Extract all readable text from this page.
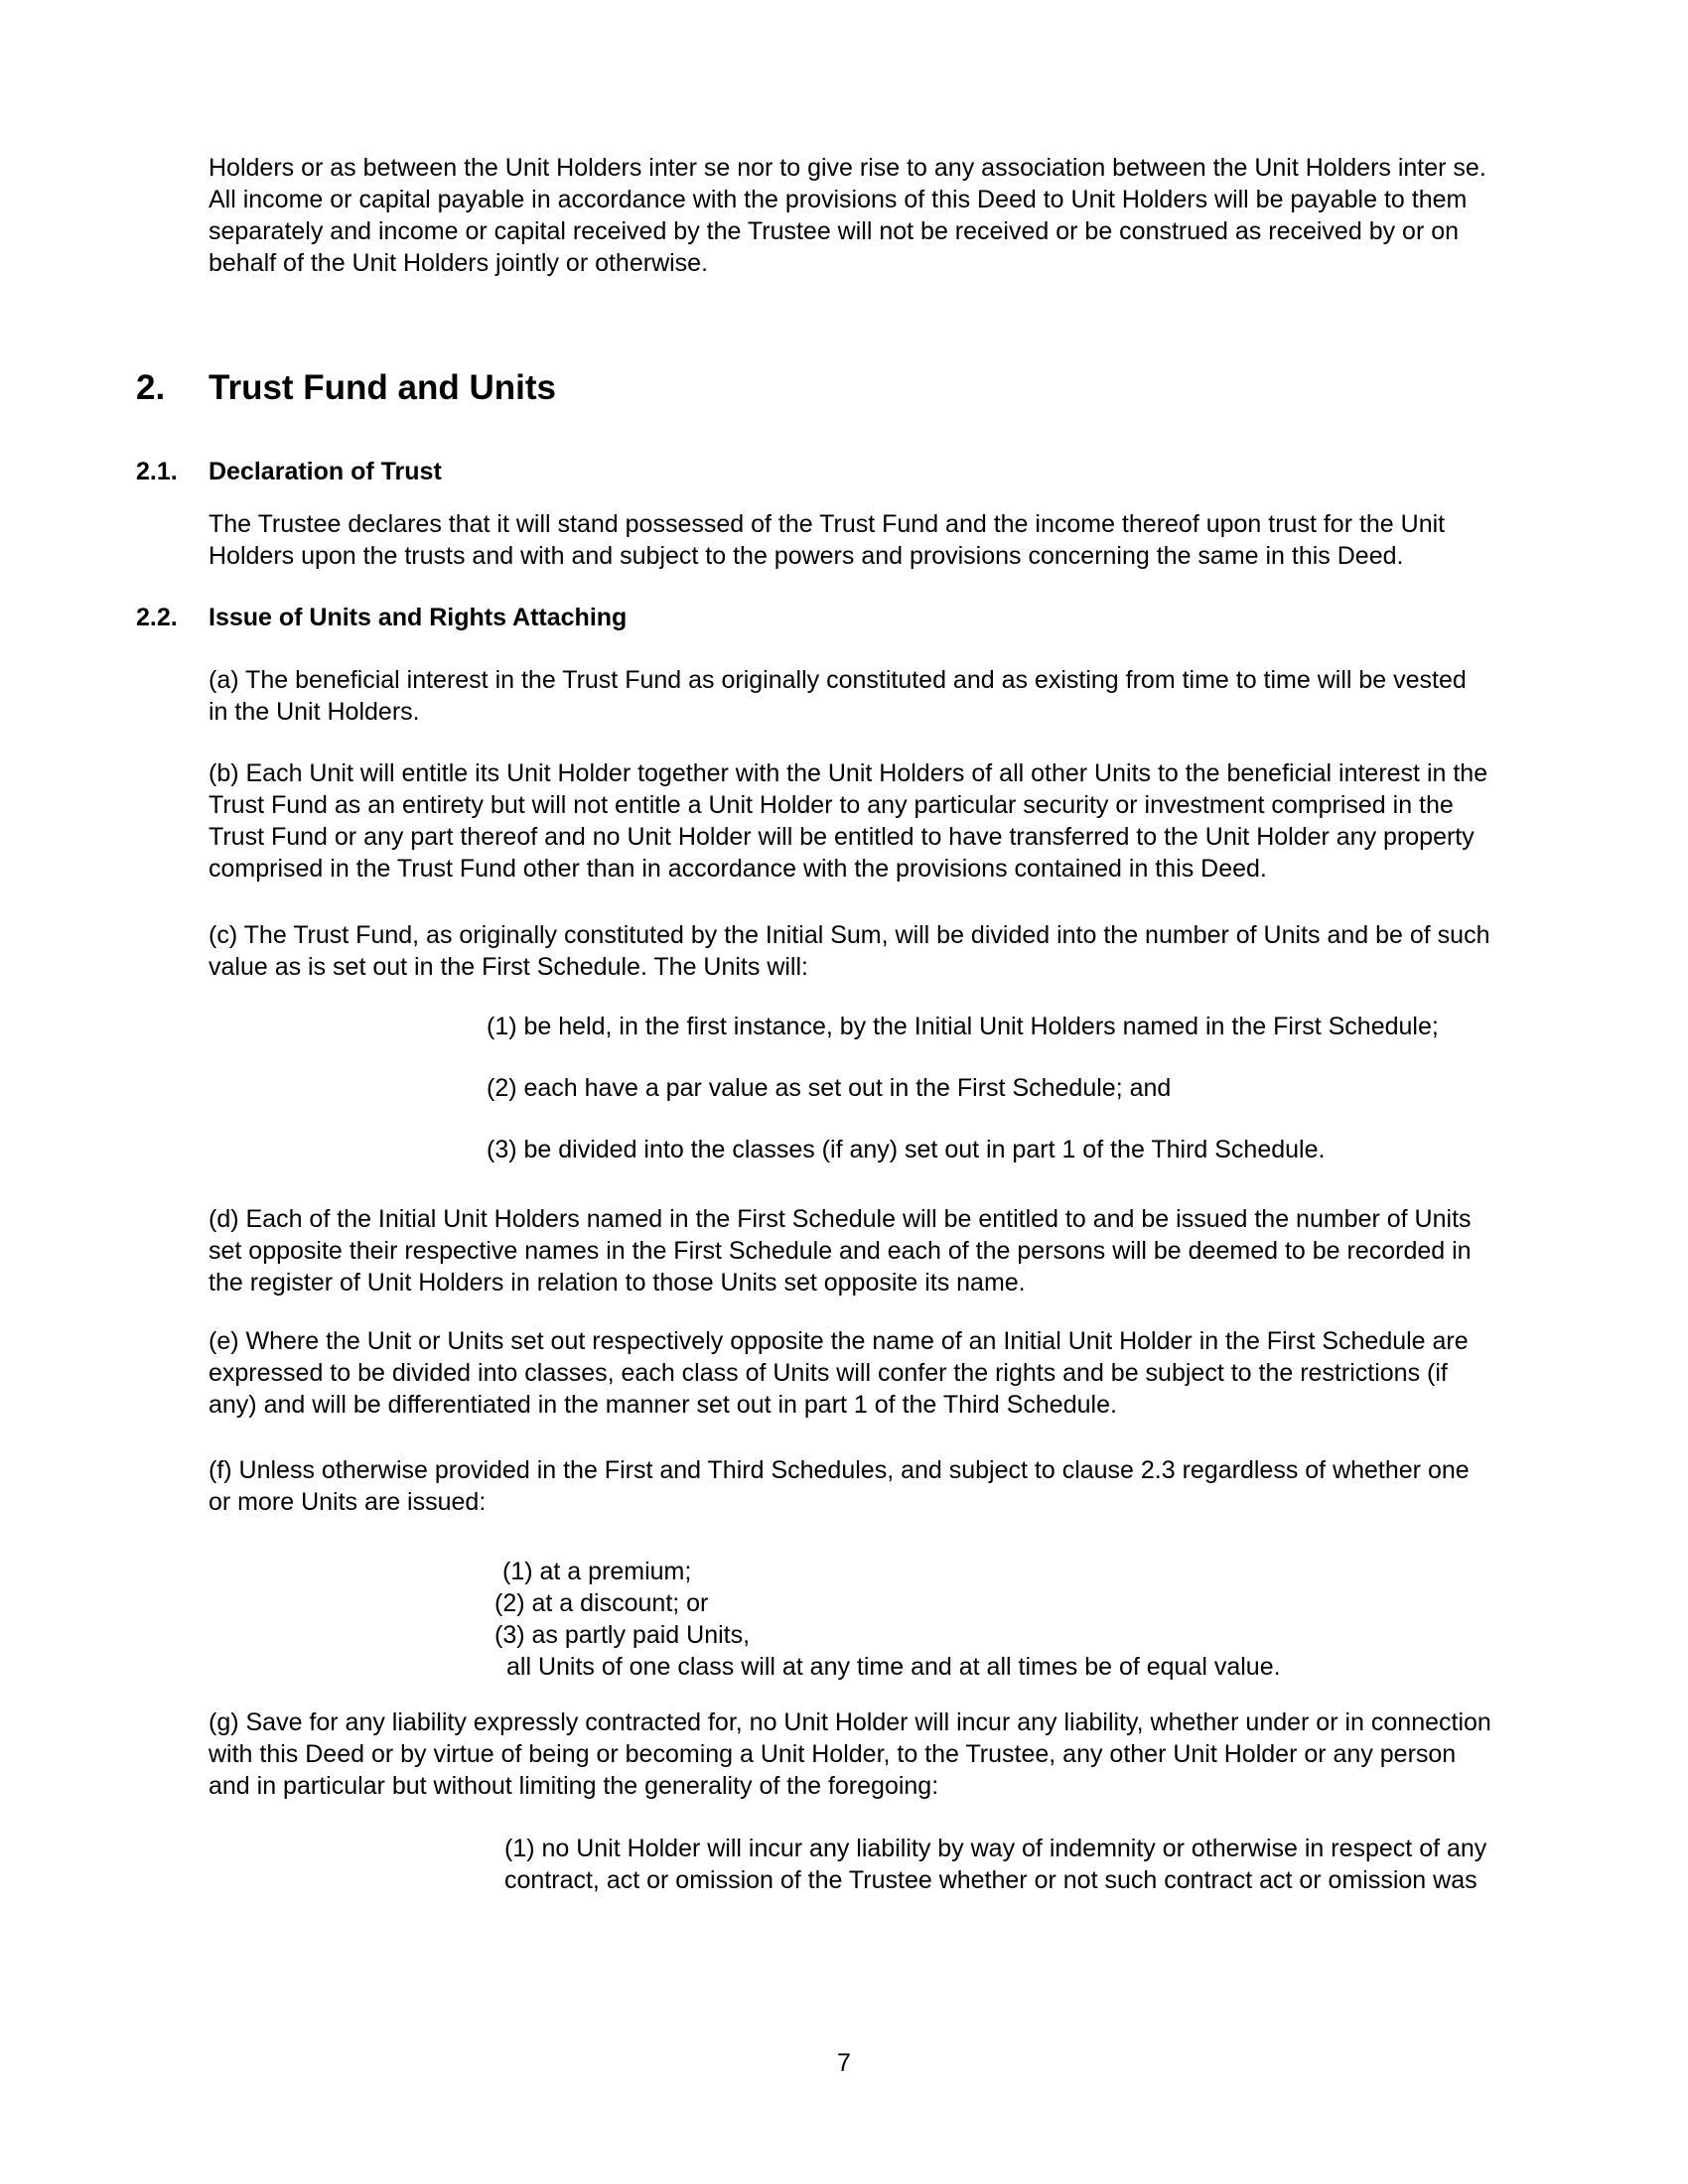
Holders or as between the Unit Holders inter se nor to give rise to any association between the Unit Holders inter se. All income or capital payable in accordance with the provisions of this Deed to Unit Holders will be payable to them separately and income or capital received by the Trustee will not be received or be construed as received by or on behalf of the Unit Holders jointly or otherwise.

2. Trust Fund and Units
2.1. Declaration of Trust

The Trustee declares that it will stand possessed of the Trust Fund and the income thereof upon trust for the Unit Holders upon the trusts and with and subject to the powers and provisions concerning the same in this Deed.

2.2. Issue of Units and Rights Attaching

(a) The beneficial interest in the Trust Fund as originally constituted and as existing from time to time will be vested in the Unit Holders.

(b) Each Unit will entitle its Unit Holder together with the Unit Holders of all other Units to the beneficial interest in the Trust Fund as an entirety but will not entitle a Unit Holder to any particular security or investment comprised in the Trust Fund or any part thereof and no Unit Holder will be entitled to have transferred to the Unit Holder any property comprised in the Trust Fund other than in accordance with the provisions contained in this Deed.

(c) The Trust Fund, as originally constituted by the Initial Sum, will be divided into the number of Units and be of such value as is set out in the First Schedule. The Units will:

(1) be held, in the first instance, by the Initial Unit Holders named in the First Schedule;
(2) each have a par value as set out in the First Schedule; and
(3) be divided into the classes (if any) set out in part 1 of the Third Schedule.

(d) Each of the Initial Unit Holders named in the First Schedule will be entitled to and be issued the number of Units set opposite their respective names in the First Schedule and each of the persons will be deemed to be recorded in the register of Unit Holders in relation to those Units set opposite its name.

(e) Where the Unit or Units set out respectively opposite the name of an Initial Unit Holder in the First Schedule are expressed to be divided into classes, each class of Units will confer the rights and be subject to the restrictions (if any) and will be differentiated in the manner set out in part 1 of the Third Schedule.

(f) Unless otherwise provided in the First and Third Schedules, and subject to clause 2.3 regardless of whether one or more Units are issued:

(1) at a premium;
(2) at a discount; or
(3) as partly paid Units,
all Units of one class will at any time and at all times be of equal value.

(g) Save for any liability expressly contracted for, no Unit Holder will incur any liability, whether under or in connection with this Deed or by virtue of being or becoming a Unit Holder, to the Trustee, any other Unit Holder or any person and in particular but without limiting the generality of the foregoing:

(1) no Unit Holder will incur any liability by way of indemnity or otherwise in respect of any contract, act or omission of the Trustee whether or not such contract act or omission was
7
